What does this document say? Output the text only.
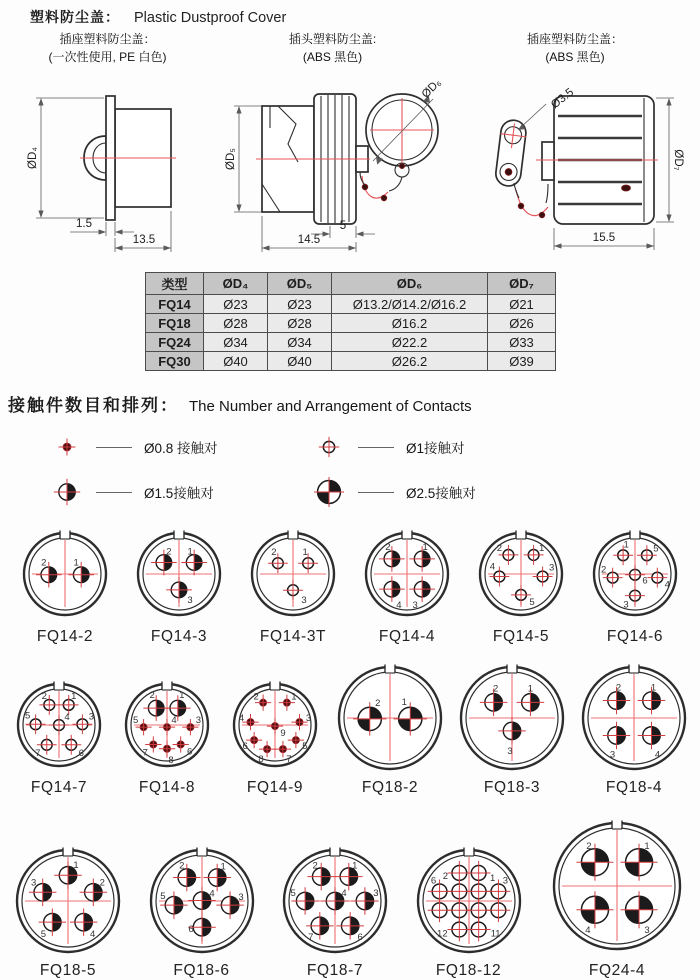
塑料防尘盖： Plastic Dustproof Cover
插座塑料防尘盖：
(一次性使用, PE 白色)
插头塑料防尘盖:
(ABS 黑色)
插座塑料防尘盖：
(ABS 黑色)
ØD₄
1.5
13.5
ØD₅
ØD₆
5
14.5
Ø3.5
ØD₇
15.5
类型	ØD₄	ØD₅	ØD₆	ØD₇
FQ14	Ø23	Ø23	Ø13.2/Ø14.2/Ø16.2	Ø21
FQ18	Ø28	Ø28	Ø16.2	Ø26
FQ24	Ø34	Ø34	Ø22.2	Ø33
FQ30	Ø40	Ø40	Ø26.2	Ø39
接触件数目和排列： The Number and Arrangement of Contacts
Ø0.8 接触对	Ø1接触对
Ø1.5接触对	Ø2.5接触对
2	1
FQ14-2
2 1
3
FQ14-3
2	1
3
FQ14-3T
2	1
4 3
FQ14-4
2	1
4	3
5
FQ14-5
1	5
2
4
3
6
FQ14-6
2	1
5	3
4
7	6
FQ14-7
2	1
5	4 3
7
8
6
FQ14-8
2	1
4	3
9
6	5
8 7
FQ14-9
2 1
FQ18-2
2	1
3
FQ18-3
2	1
3	4
FQ18-4
1
3	2
5	4
FQ18-5
2	1
5	3
4
6
FQ18-6
2	1
5	4	3
7	6
FQ18-7
2	1
6	3
12	11
FQ18-12
2	1
4	3
FQ24-4
